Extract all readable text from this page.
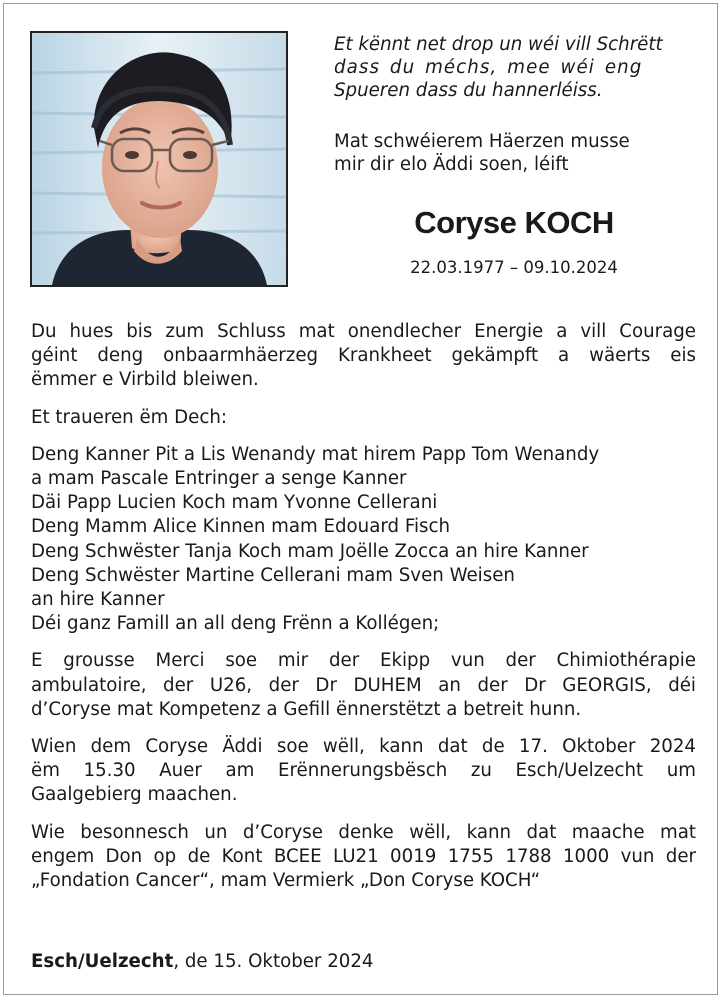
Et kënnt net drop un wéi vill Schrëtt
dass du méchs, mee wéi eng
Spueren dass du hannerléiss.
Mat schwéierem Häerzen musse
mir dir elo Äddi soen, léift
Coryse KOCH
22.03.1977 – 09.10.2024
Du hues bis zum Schluss mat onendlecher Energie a vill Courage
géint deng onbaarmhäerzeg Krankheet gekämpft a wäerts eis
ëmmer e Virbild bleiwen.
Et traueren ëm Dech:
Deng Kanner Pit a Lis Wenandy mat hirem Papp Tom Wenandy
a mam Pascale Entringer a senge Kanner
Däi Papp Lucien Koch mam Yvonne Cellerani
Deng Mamm Alice Kinnen mam Edouard Fisch
Deng Schwëster Tanja Koch mam Joëlle Zocca an hire Kanner
Deng Schwëster Martine Cellerani mam Sven Weisen
an hire Kanner
Déi ganz Famill an all deng Frënn a Kollégen;
E grousse Merci soe mir der Ekipp vun der Chimiothérapie
ambulatoire, der U26, der Dr DUHEM an der Dr GEORGIS, déi
d’Coryse mat Kompetenz a Gefill ënnerstëtzt a betreit hunn.
Wien dem Coryse Äddi soe wëll, kann dat de 17. Oktober 2024
ëm 15.30 Auer am Erënnerungsbësch zu Esch/Uelzecht um
Gaalgebierg maachen.
Wie besonnesch un d’Coryse denke wëll, kann dat maache mat
engem Don op de Kont BCEE LU21 0019 1755 1788 1000 vun der
„Fondation Cancer“, mam Vermierk „Don Coryse KOCH“
Esch/Uelzecht, de 15. Oktober 2024
